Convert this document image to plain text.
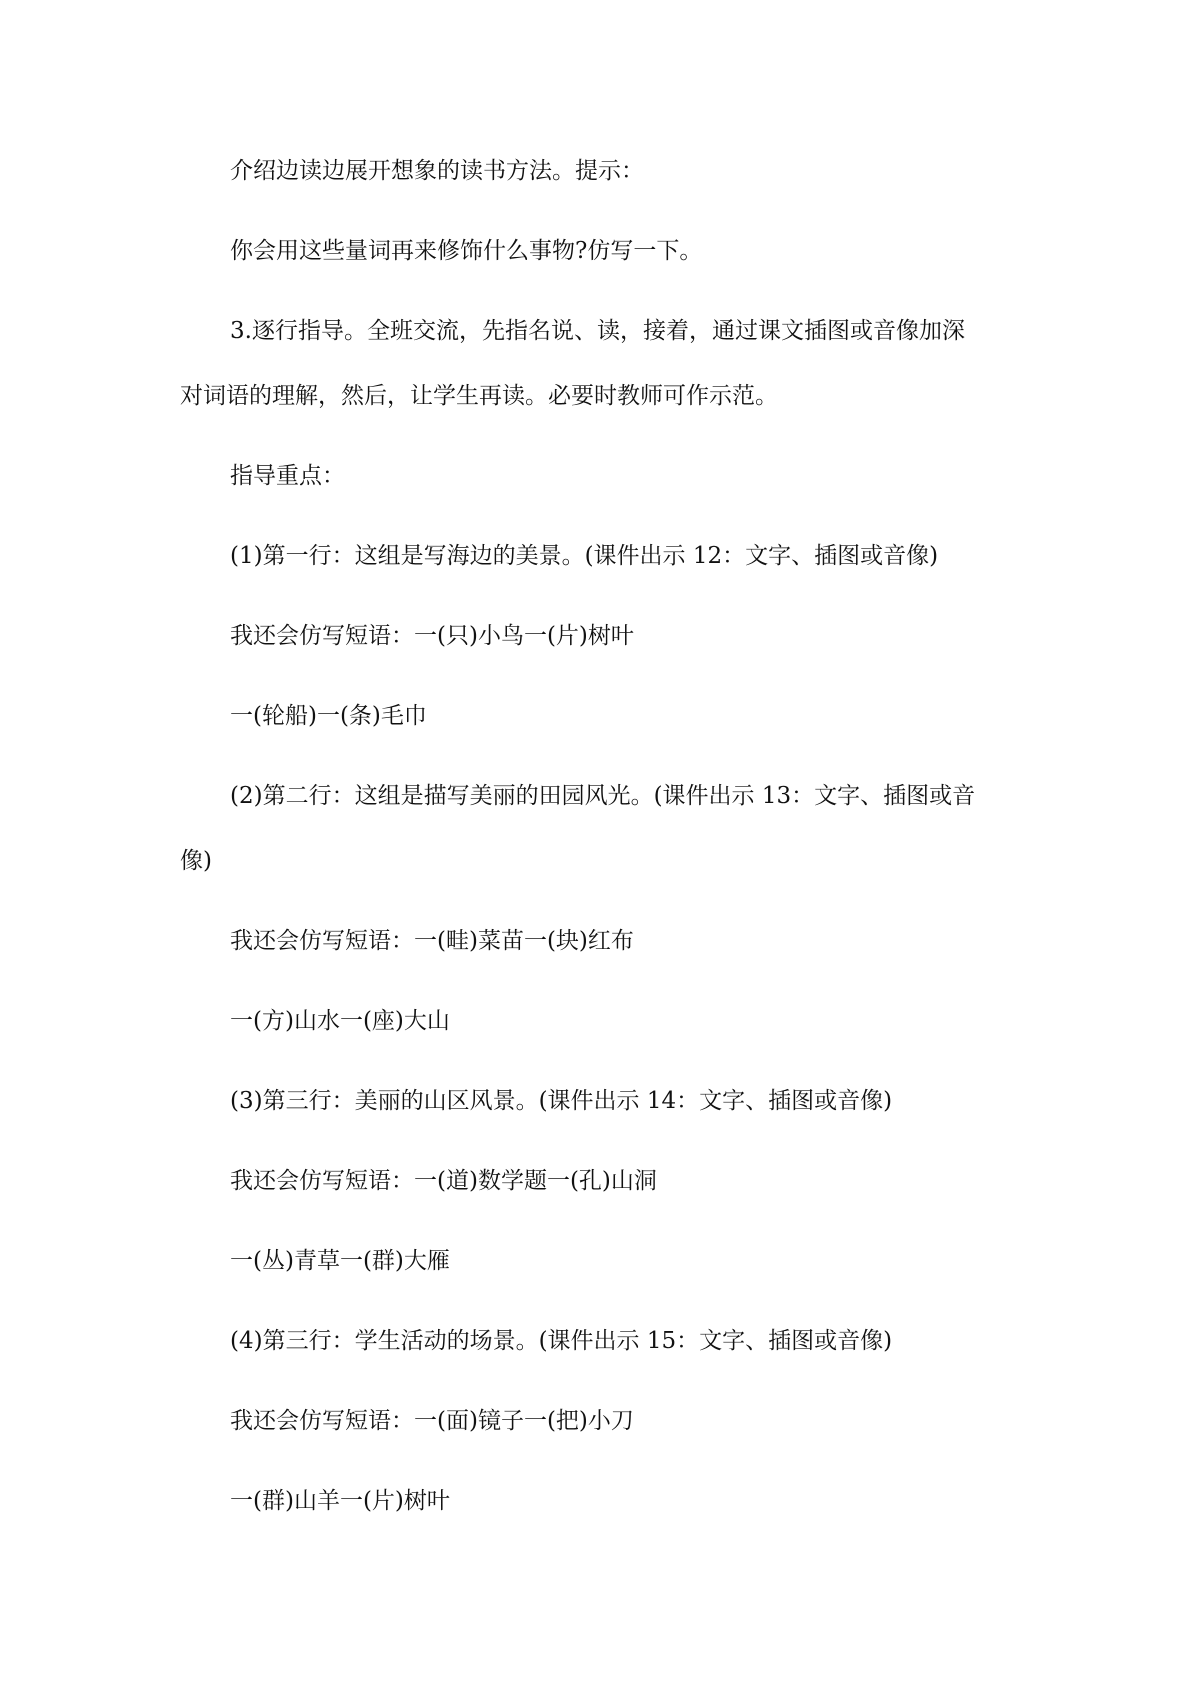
介绍边读边展开想象的读书方法。提示：
你会用这些量词再来修饰什么事物?仿写一下。
3.逐行指导。全班交流，先指名说、读，接着，通过课文插图或音像加深
对词语的理解，然后，让学生再读。必要时教师可作示范。
指导重点：
(1)第一行：这组是写海边的美景。(课件出示 12：文字、插图或音像)
我还会仿写短语：一(只)小鸟一(片)树叶
一(轮船)一(条)毛巾
(2)第二行：这组是描写美丽的田园风光。(课件出示 13：文字、插图或音
像)
我还会仿写短语：一(畦)菜苗一(块)红布
一(方)山水一(座)大山
(3)第三行：美丽的山区风景。(课件出示 14：文字、插图或音像)
我还会仿写短语：一(道)数学题一(孔)山洞
一(丛)青草一(群)大雁
(4)第三行：学生活动的场景。(课件出示 15：文字、插图或音像)
我还会仿写短语：一(面)镜子一(把)小刀
一(群)山羊一(片)树叶
